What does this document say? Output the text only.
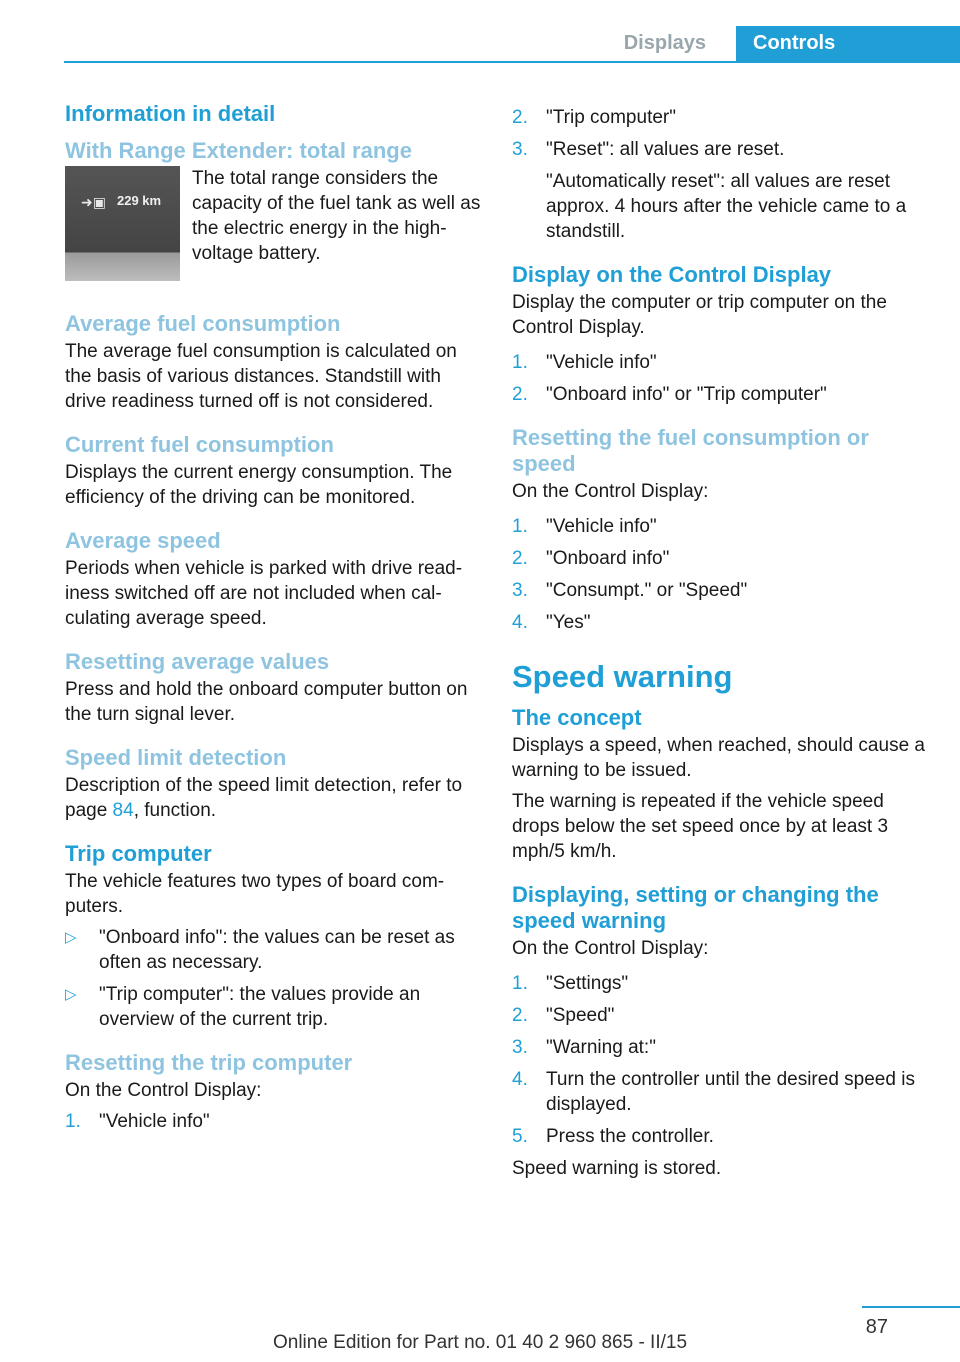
Displays	Controls
Information in detail
With Range Extender: total range
➜▣ 229 km

The total range considers the capacity of the fuel tank as well as the electric energy in the high-voltage battery.

Average fuel consumption

The average fuel consumption is calculated on the basis of various distances. Standstill with drive readiness turned off is not considered.

Current fuel consumption

Displays the current energy consumption. The efficiency of the driving can be monitored.

Average speed

Periods when vehicle is parked with drive read-iness switched off are not included when cal-culating average speed.

Resetting average values

Press and hold the onboard computer button on the turn signal lever.

Speed limit detection

Description of the speed limit detection, refer to page 84, function.

Trip computer

The vehicle features two types of board com-puters.

▷ "Onboard info": the values can be reset as often as necessary.
▷ "Trip computer": the values provide an overview of the current trip.
Resetting the trip computer

On the Control Display:

1. "Vehicle info"
2. "Trip computer"
3. "Reset": all values are reset.
"Automatically reset": all values are reset approx. 4 hours after the vehicle came to a standstill.
Display on the Control Display

Display the computer or trip computer on the Control Display.

1. "Vehicle info"
2. "Onboard info" or "Trip computer"
Resetting the fuel consumption or speed

On the Control Display:

1. "Vehicle info"
2. "Onboard info"
3. "Consumpt." or "Speed"
4. "Yes"
Speed warning
The concept

Displays a speed, when reached, should cause a warning to be issued.

The warning is repeated if the vehicle speed drops below the set speed once by at least 3 mph/5 km/h.

Displaying, setting or changing the speed warning

On the Control Display:

1. "Settings"
2. "Speed"
3. "Warning at:"
4. Turn the controller until the desired speed is displayed.
5. Press the controller.

Speed warning is stored.

87
Online Edition for Part no. 01 40 2 960 865 - II/15
